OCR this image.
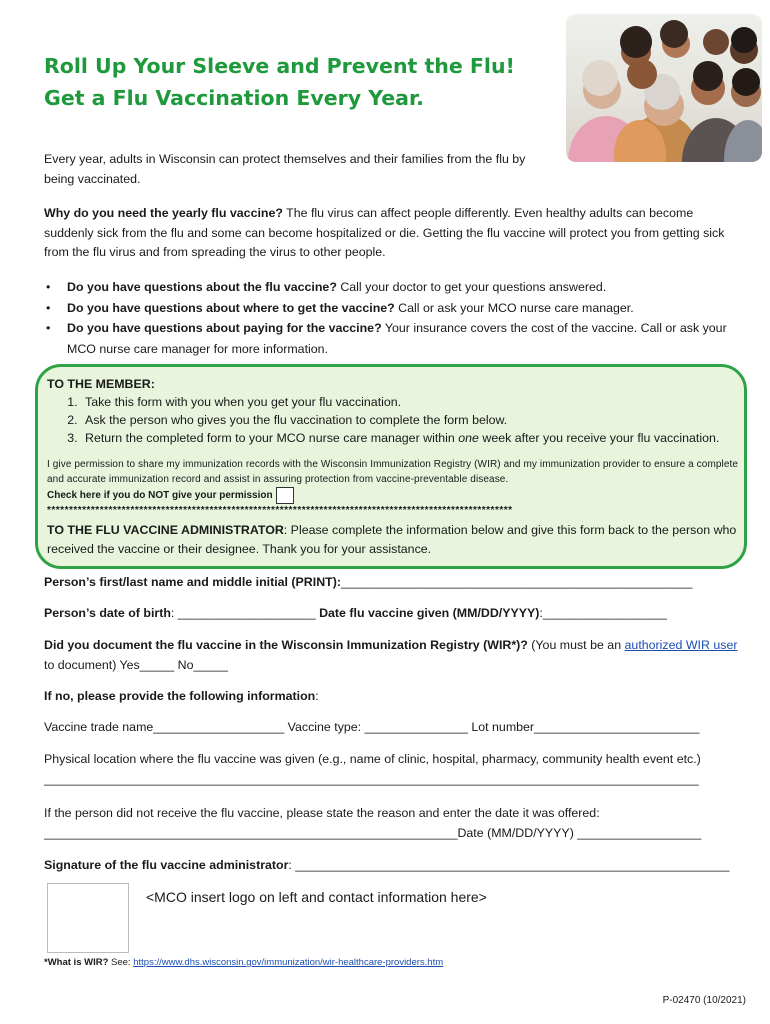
Roll Up Your Sleeve and Prevent the Flu!
Get a Flu Vaccination Every Year.
Every year, adults in Wisconsin can protect themselves and their families from the flu by being vaccinated.
Why do you need the yearly flu vaccine? The flu virus can affect people differently. Even healthy adults can become suddenly sick from the flu and some can become hospitalized or die. Getting the flu vaccine will protect you from getting sick from the flu virus and from spreading the virus to other people.
• Do you have questions about the flu vaccine? Call your doctor to get your questions answered.
• Do you have questions about where to get the vaccine? Call or ask your MCO nurse care manager.
• Do you have questions about paying for the vaccine? Your insurance covers the cost of the vaccine. Call or ask your MCO nurse care manager for more information.
TO THE MEMBER:
1. Take this form with you when you get your flu vaccination.
2. Ask the person who gives you the flu vaccination to complete the form below.
3. Return the completed form to your MCO nurse care manager within one week after you receive your flu vaccination.
I give permission to share my immunization records with the Wisconsin Immunization Registry (WIR) and my immunization provider to ensure a complete and accurate immunization record and assist in assuring protection from vaccine-preventable disease.
Check here if you do NOT give your permission
**********************************************************************************************************
TO THE FLU VACCINE ADMINISTRATOR: Please complete the information below and give this form back to the person who received the vaccine or their designee. Thank you for your assistance.
Person’s first/last name and middle initial (PRINT):___________________________________________________
Person’s date of birth: ____________________ Date flu vaccine given (MM/DD/YYYY):__________________
Did you document the flu vaccine in the Wisconsin Immunization Registry (WIR*)? (You must be an authorized WIR user to document) Yes_____ No_____
If no, please provide the following information:
Vaccine trade name___________________ Vaccine type: _______________ Lot number________________________
Physical location where the flu vaccine was given (e.g., name of clinic, hospital, pharmacy, community health event etc.)
_______________________________________________________________________________________________
If the person did not receive the flu vaccine, please state the reason and enter the date it was offered:
____________________________________________________________Date (MM/DD/YYYY) __________________
Signature of the flu vaccine administrator: _______________________________________________________________
<MCO insert logo on left and contact information here>
*What is WIR? See: https://www.dhs.wisconsin.gov/immunization/wir-healthcare-providers.htm
P-02470 (10/2021)
